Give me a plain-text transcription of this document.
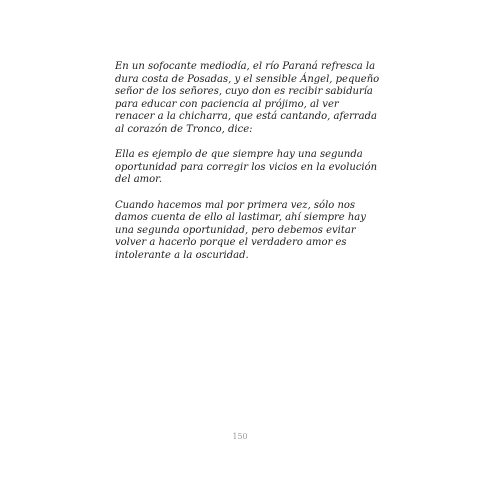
En un sofocante mediodía, el río Paraná refresca la
dura costa de Posadas, y el sensible Ángel, pequeño
señor de los señores, cuyo don es recibir sabiduría
para educar con paciencia al prójimo, al ver
renacer a la chicharra, que está cantando, aferrada
al corazón de Tronco, dice:

Ella es ejemplo de que siempre hay una segunda
oportunidad para corregir los vicios en la evolución
del amor.

Cuando hacemos mal por primera vez, sólo nos
damos cuenta de ello al lastimar, ahí siempre hay
una segunda oportunidad, pero debemos evitar
volver a hacerlo porque el verdadero amor es
intolerante a la oscuridad.

150
